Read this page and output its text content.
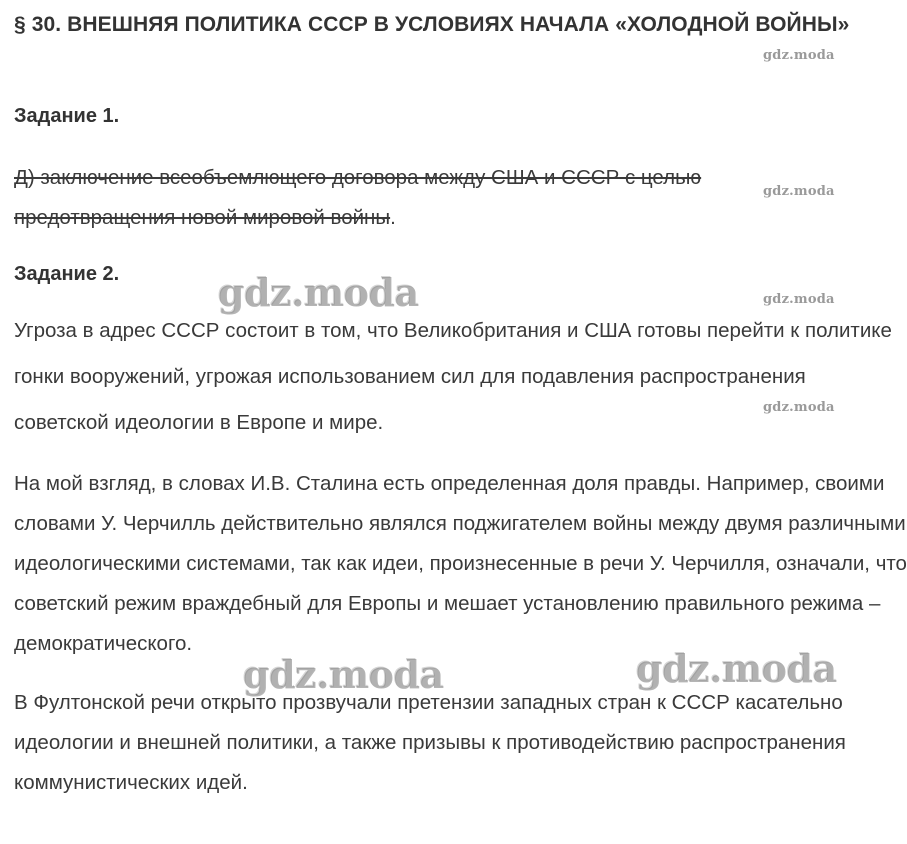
§ 30. ВНЕШНЯЯ ПОЛИТИКА СССР В УСЛОВИЯХ НАЧАЛА «ХОЛОДНОЙ ВОЙНЫ»
Задание 1.

Д) заключение всеобъемлющего договора между США и СССР с целью предотвращения новой мировой войны.

Задание 2.

Угроза в адрес СССР состоит в том, что Великобритания и США готовы перейти к политике гонки вооружений, угрожая использованием сил для подавления распространения советской идеологии в Европе и мире.

На мой взгляд, в словах И.В. Сталина есть определенная доля правды. Например, своими словами У. Черчилль действительно являлся поджигателем войны между двумя различными идеологическими системами, так как идеи, произнесенные в речи У. Черчилля, означали, что советский режим враждебный для Европы и мешает установлению правильного режима – демократического.

В Фултонской речи открыто прозвучали претензии западных стран к СССР касательно идеологии и внешней политики, а также призывы к противодействию распространения коммунистических идей.

gdz.moda
gdz.moda
gdz.moda
gdz.moda
gdz.moda
gdz.moda	gdz.moda
